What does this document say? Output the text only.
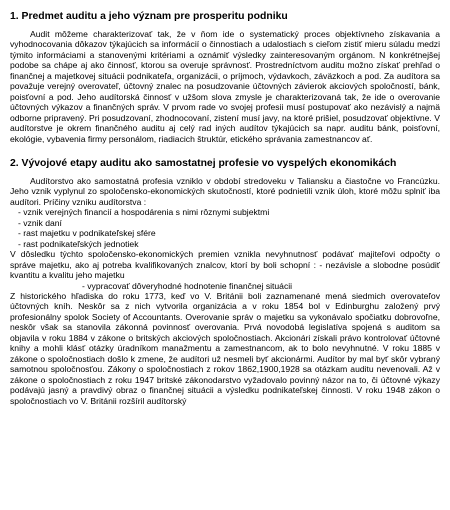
1. Predmet auditu a jeho význam pre prosperitu podniku

Audit môžeme charakterizovať tak, že v ňom ide o systematický proces objektívneho získavania a vyhodnocovania dôkazov týkajúcich sa informácií o činnostiach a udalostiach s cieľom zistiť mieru súladu medzi týmito informáciami a stanovenými kritériami a oznámiť výsledky zainteresovaným orgánom. N konkrétnejšej podobe sa chápe aj ako činnosť, ktorou sa overuje správnosť. Prostredníctvom auditu možno získať prehľad o finančnej a majetkovej situácii podnikateľa, organizácii, o príjmoch, výdavkoch, záväzkoch a pod. Za audítora sa považuje verejný overovateľ, účtovný znalec na posudzovanie účtovných závierok akciových spoločností, bánk, poisťovní a pod. Jeho audítorská činnosť v užšom slova zmysle je charakterizovaná tak, že ide o overovanie účtovných výkazov a finančných správ. V prvom rade vo svojej profesii musí postupovať ako nezávislý a najmä odborne pripravený. Pri posudzovaní, zhodnocovaní, zistení musí javy, na ktoré prišiel, posudzovať objektívne. V audítorstve je okrem finančného auditu aj celý rad iných audítov týkajúcich sa napr. auditu bánk, poisťovní, ekológie, vybavenia firmy personálom, riadiacich štruktúr, etického správania zamestnancov ať.

2. Vývojové etapy auditu ako samostatnej profesie vo vyspelých ekonomikách

Audítorstvo ako samostatná profesia vzniklo v období stredoveku v Taliansku a čiastočne vo Francúzku. Jeho vznik vyplynul zo spoločensko-ekonomických skutočností, ktoré podnietili vznik úloh, ktoré môžu splniť iba audítori. Príčiny vzniku audítorstva :

- vznik verejných financií a hospodárenia s nimi rôznymi subjektmi
- vznik daní
- rast majetku v podnikateľskej sfére
- rast podnikateľských jednotiek

V dôsledku týchto spoločensko-ekonomických premien vznikla nevyhnutnosť podávať majiteľovi odpočty o správe majetku, ako aj potreba kvalifikovaných znalcov, ktorí by boli schopní : - nezávisle a slobodne posúdiť kvantitu a kvalitu jeho majetku

- vypracovať dôveryhodné hodnotenie finančnej situácii

Z historického hľadiska do roku 1773, keď vo V. Británii boli zaznamenané mená siedmich overovateľov účtovných kníh. Neskôr sa z nich vytvorila organizácia a v roku 1854 bol v Edinburghu založený prvý profesionálny spolok Society of Accountants. Overovanie správ o majetku sa vykonávalo spočiatku dobrovoľne, neskôr však sa stanovila zákonná povinnosť overovania. Prvá novodobá legislatíva spojená s auditom sa objavila v roku 1884 v zákone o britských akciových spoločnostiach. Akcionári získali právo kontrolovať účtovné knihy a mohli klásť otázky úradníkom manažmentu a zamestnancom, ak to bolo nevyhnutné. V roku 1885 v zákone o spoločnostiach došlo k zmene, že audítori už nesmeli byť akcionármi. Audítor by mal byť skôr vybraný samotnou spoločnosťou. Zákony o spoločnostiach z rokov 1862,1900,1928 sa otázkam auditu nevenovali. Až v zákone o spoločnostiach z roku 1947 britské zákonodarstvo vyžadovalo povinný názor na to, či účtovné výkazy podávajú jasný a pravdivý obraz o finančnej situácii a výsledku podnikateľskej činnosti. V roku 1948 zákon o spoločnostiach vo V. Británii rozšíril audítorský
